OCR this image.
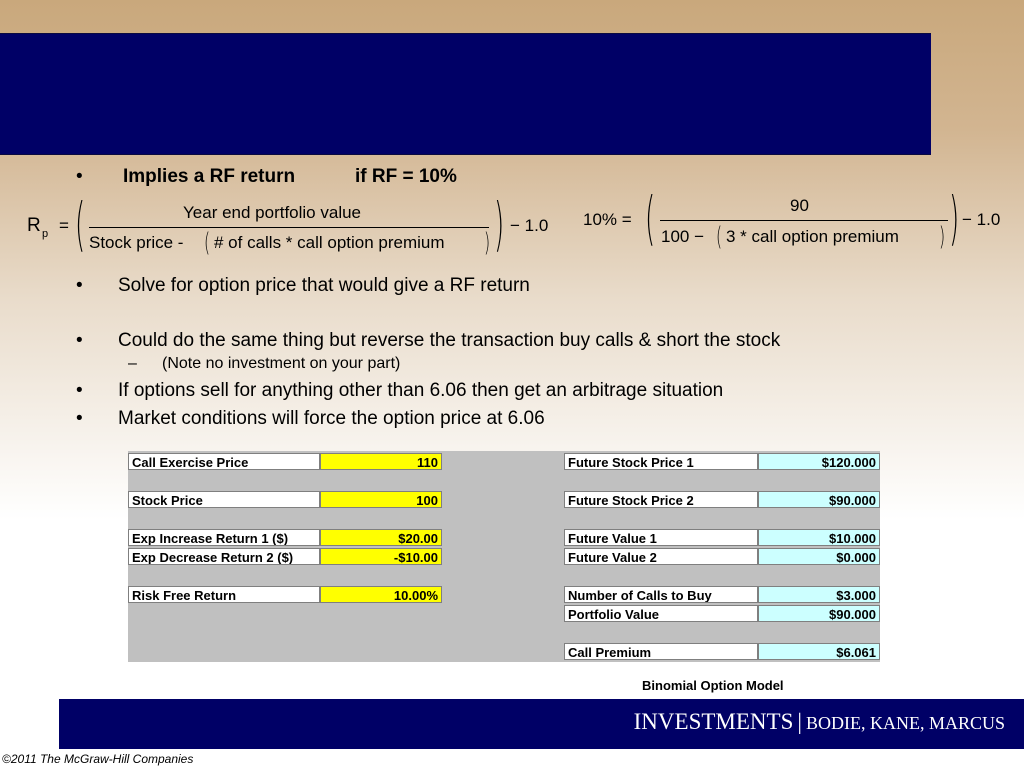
• Implies a RF return	if RF = 10%
• Solve for option price that would give a RF return
• Could do the same thing but reverse the transaction buy calls & short the stock
– (Note no investment on your part)
• If options sell for anything other than 6.06 then get an arbitrage situation
• Market conditions will force the option price at 6.06
R p = (	Year end portfolio value
Stock price - ( # of calls * call option premium ) ) − 1.0 10% = (	90
100 − ( 3 * call option premium ) ) − 1.0
Call Exercise Price	110
Stock Price	100
Exp Increase Return 1 ($)	$20.00
Exp Decrease Return 2 ($)	-$10.00
Risk Free Return	10.00%
Future Stock Price 1	$120.000
Future Stock Price 2	$90.000
Future Value 1	$10.000
Future Value 2	$0.000
Number of Calls to Buy	$3.000
Portfolio Value	$90.000
Call Premium	$6.061
Binomial Option Model
INVESTMENTS | BODIE, KANE, MARCUS
©2011 The McGraw-Hill Companies
